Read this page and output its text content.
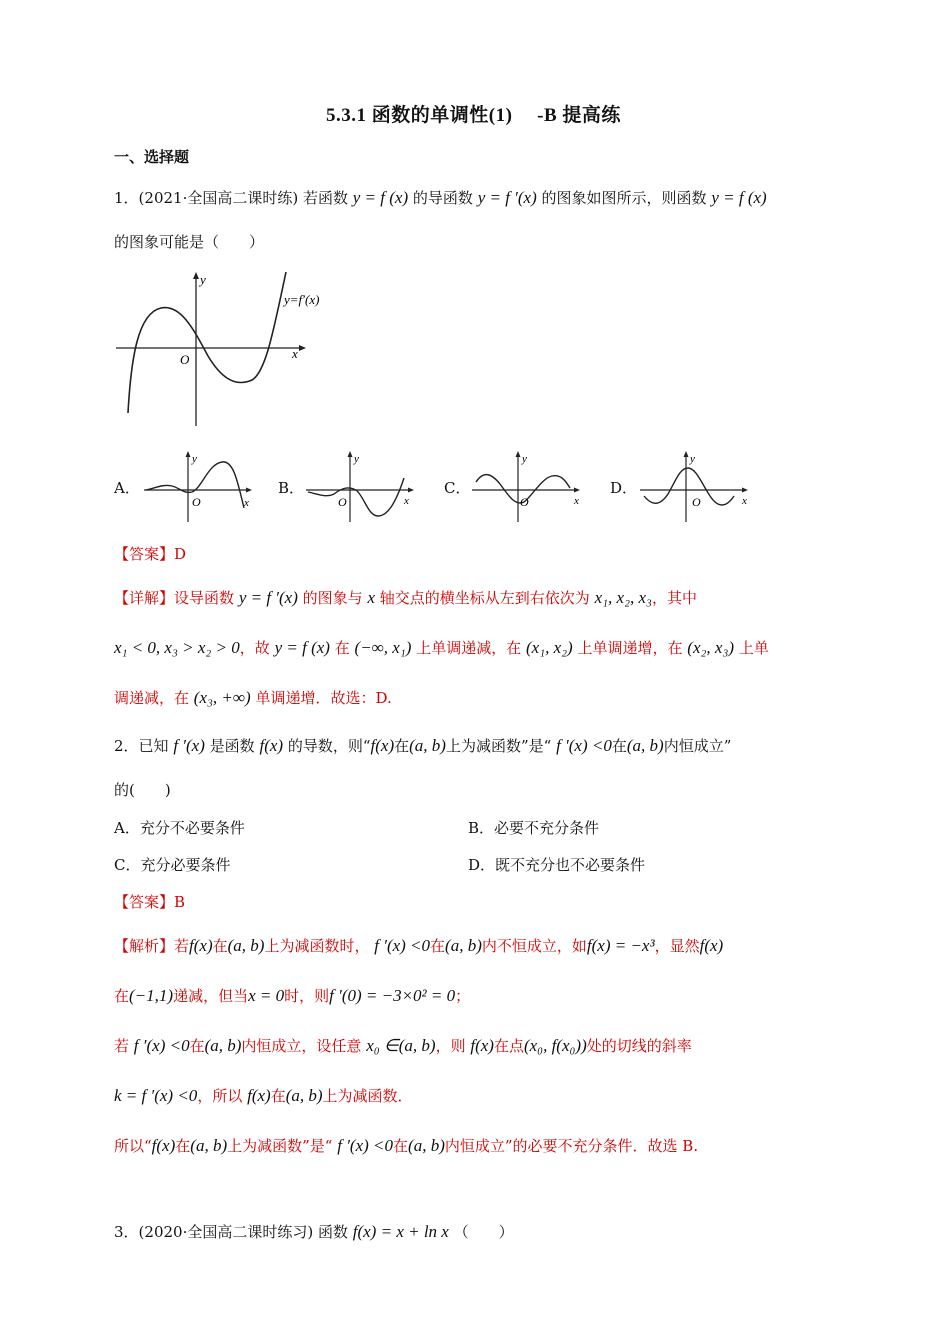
5.3.1 函数的单调性(1)　 -B 提高练
一、选择题
1．(2021·全国高二课时练) 若函数 y = f (x) 的导函数 y = f ′(x) 的图象如图所示，则函数 y = f (x)
的图象可能是（　　）
y
x
O
y=f′(x)
A．
y
x
O
B．
y
x
O
C．
y
x
O
D．
y
x
O
【答案】D
【详解】设导函数 y = f ′(x) 的图象与 x 轴交点的横坐标从左到右依次为 x₁, x₂, x₃，其中
x₁ < 0, x₃ > x₂ > 0，故 y = f (x) 在 (−∞, x₁) 上单调递减，在 (x₁, x₂) 上单调递增，在 (x₂, x₃) 上单
调递减，在 (x₃, +∞) 单调递增．故选：D.
2．已知 f ′(x) 是函数 f(x) 的导数，则“f(x)在(a, b)上为减函数”是“ f ′(x) <0在(a, b)内恒成立”
的(　　)
A．充分不必要条件	B．必要不充分条件
C．充分必要条件	D．既不充分也不必要条件
【答案】B
【解析】若f(x)在(a, b)上为减函数时， f ′(x) <0在(a, b)内不恒成立，如f(x) = −x³，显然f(x)
在(−1,1)递减，但当x = 0时，则f ′(0) = −3×0² = 0；
若 f ′(x) <0在(a, b)内恒成立，设任意 x₀ ∈(a, b)，则 f(x)在点(x₀, f(x₀))处的切线的斜率
k = f ′(x) <0，所以 f(x)在(a, b)上为减函数．
所以“f(x)在(a, b)上为减函数”是“ f ′(x) <0在(a, b)内恒成立”的必要不充分条件．故选 B.
3．(2020·全国高二课时练习) 函数 f(x) = x + ln x （　　）
